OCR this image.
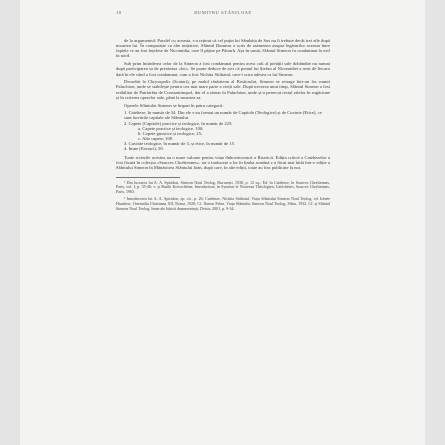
10	DUMITRU STĂNILOAE

de la argumentul: Paralel cu aceasta, s-a reținut că cel puțin lui Sâmbăta de Sus nu îi trebuie decât trei zile după moartea lui. În comparație cu alte inițiative, Sfântul Dumitru a scris de asemenea asupra legăturilor aceasta între faptele ce au fost înțelese de Nicomidia, care îl pățise pe Pătrarh. Așa în urmă, Sfântul Simeon fu condamnat la exil în nord.

Sub prim întinderea celor de la Simeon a fost condamnat pentru acest cult al pietății sale dobândite nu numai după participarea sa de preoteasa «lor». Se poate deduce de aici că pomul lui Ștefan al Nicomidiei a avut de fiecare dată în ele când a fost condamnat, cum a fost Nichita Stithatul, care-i scria adesea ca lui Simeon.

Deosebit la Chrysopolis (Scutari), pe malul răsăritean al Bosforului, Simeon se retrage într-un loc numit Paluchion, unde se stabilește pentru cea mai mare parte a vieții sale. După trecerea unui timp, Sfântul Simeon a fost reabilitat de Patriarhia de Constantinopol, dar el a rămas în Paluchion, unde și-a petrecut restul zilelor în rugăciune și în scrierea operelor sale, până la moartea sa.

Operele Sfântului Simeon se împart în patru categorii:

1. Cateheze, în număr de 34. Din ele s-au format un număr de Capitole (Teologice) și de Cuvinte (Etice), ce sunt lucrările capitale ale Sfântului.
2. Capete (Capitole) practice și teologice, în număr de 225:
a. Capete practice și teologice, 100;
b. Capete gnostice și teologice, 25;
c. Alte capete, 100.
3. Cuvinte teologice, în număr de 3, și etice, în număr de 15.
4. Imne (Erosuri), 58.

Toate scrierile acestea au o mare valoare pentru viața duhovnicească a Bisericii. Ediția critică a Catehezelor a fost făcută în colecția «Sources Chrétiennes», iar o traducere a lor în limba română s-a făcut mai întâi într-o ediție a Sfântului Simeon în Mănăstirea Sfântului Ioan, după care, în alte ediții, toate au fost publicate la noi.

¹ Din lucrarea lui A. A. Spiridon, Simeon Noul Teolog, București, 1938, p. 12 sq.; Ed. în Cateheze, în Sources Chrétiennes, Paris, vol. I, p. 35-46; v. și Basile Krivochéine, Introduction, în Symeon le Nouveau Théologien, Catéchèses, Sources Chrétiennes, Paris, 1963.

² Introducerea lui A. A. Spiridon, op. cit., p. 26; Cateheze, Nichita Stithatul, Viața Sfântului Simeon Noul Teolog, ed. Irénée Hausherr, Orientalia Christiana XII, Roma, 1928; Cf. Ilarion Felea, Viața Sfântului Simeon Noul Teolog, Sibiu, 1932. Cf. și Sfântul Simeon Noul Teolog, Imne ale Iubirii dumnezeiești, Deisis, 2001, p. 9-34.
